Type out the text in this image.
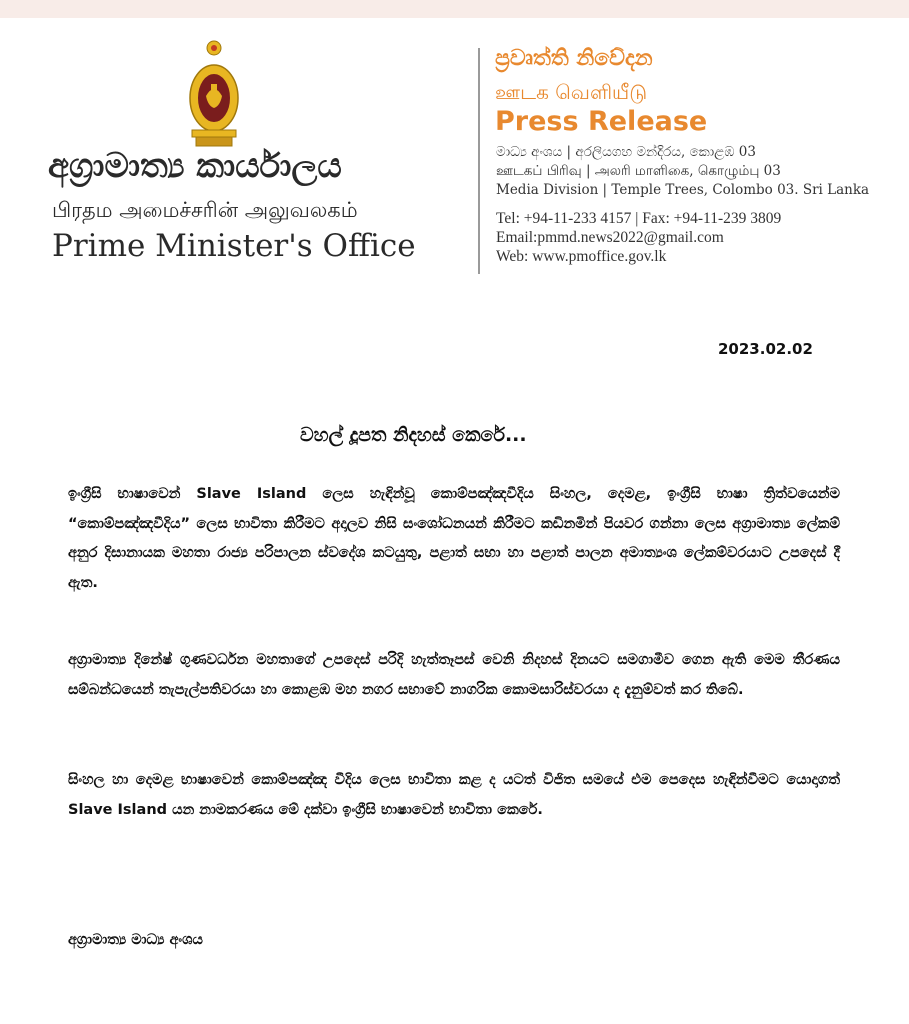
අග්‍රාමාත්‍ය කාර්යාලය
பிரதம அமைச்சரின் அலுவலகம்
Prime Minister's Office
ප්‍රවෘත්ති නිවේදන
ஊடக வெளியீடு
Press Release
මාධ්‍ය අංශය | අරලියගහ මන්දිරය, කොළඹ 03
ஊடகப் பிரிவு | அலரி மாளிகை, கொழும்பு 03
Media Division | Temple Trees, Colombo 03. Sri Lanka
Tel: +94-11-233 4157 | Fax: +94-11-239 3809
Email:pmmd.news2022@gmail.com
Web: www.pmoffice.gov.lk
2023.02.02
වහල් දූපත නිදහස් කෙරේ...
ඉංග්‍රීසි භාෂාවෙන් Slave Island ලෙස හැඳින්වූ කොම්පඤ්ඤවීදිය සිංහල, දෙමළ, ඉංග්‍රීසි භාෂා ත්‍රිත්වයෙන්ම “කොම්පඤ්ඤවීදිය” ලෙස භාවිතා කිරීමට අදාලව නිසි සංශෝධනයන් කිරීමට කඩිනමින් පියවර ගන්නා ලෙස අග්‍රාමාත්‍ය ලේකම් අනුර දිසානායක මහතා රාජ්‍ය පරිපාලන ස්වදේශ කටයුතු, පළාත් සභා හා පළාත් පාලන අමාත්‍යංශ ලේකම්වරයාට උපදෙස් දී ඇත.
අග්‍රාමාත්‍ය දිනේෂ් ගුණවර්ධන මහතාගේ උපදෙස් පරිදි හැත්තෑපස් වෙනි නිදහස් දිනයට සමගාමීව ගෙන ඇති මෙම තීරණය සම්බන්ධයෙන් තැපැල්පතිවරයා හා කොළඹ මහ නගර සභාවේ නාගරික කොමසාරිස්වරයා ද දැනුම්වත් කර තිබේ.
සිංහල හා දෙමළ භාෂාවෙන් කොම්පඤ්ඤ වීදිය ලෙස භාවිතා කළ ද යටත් විජිත සමයේ එම පෙදෙස හැඳින්වීමට යොදාගත් Slave Island යන නාමකරණය මේ දක්වා ඉංග්‍රීසි භාෂාවෙන් භාවිතා කෙරේ.
අග්‍රාමාත්‍ය මාධ්‍ය අංශය
